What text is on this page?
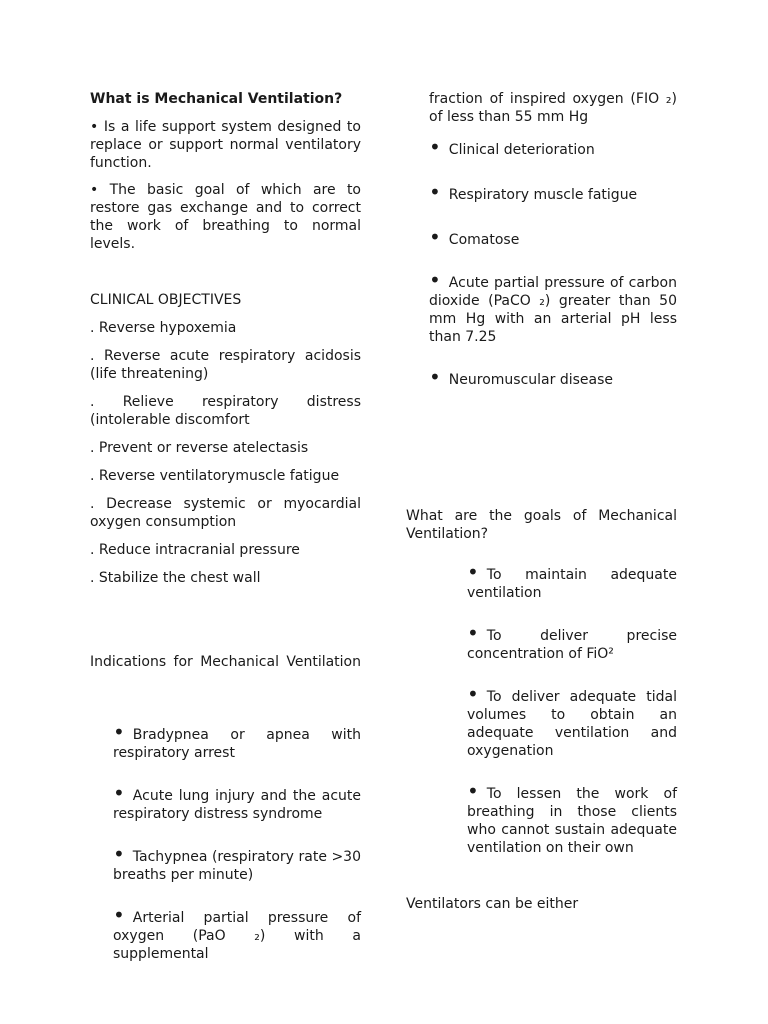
What is Mechanical Ventilation?

• Is a life support system designed to replace or support normal ventilatory function.

• The basic goal of which are to restore gas exchange and to correct the work of breathing to normal levels.

CLINICAL OBJECTIVES

. Reverse hypoxemia

. Reverse acute respiratory acidosis (life threatening)

. Relieve respiratory distress (intolerable discomfort

. Prevent or reverse atelectasis

. Reverse ventilatorymuscle fatigue

. Decrease systemic or myocardial oxygen consumption

. Reduce intracranial pressure

. Stabilize the chest wall

Indications for Mechanical Ventilation

• Bradypnea or apnea with respiratory arrest

• Acute lung injury and the acute respiratory distress syndrome

• Tachypnea (respiratory rate >30 breaths per minute)

• Arterial partial pressure of oxygen (PaO ₂) with a supplemental

fraction of inspired oxygen (FIO ₂) of less than 55 mm Hg

• Clinical deterioration

• Respiratory muscle fatigue

• Comatose

• Acute partial pressure of carbon dioxide (PaCO ₂) greater than 50 mm Hg with an arterial pH less than 7.25

• Neuromuscular disease

What are the goals of Mechanical Ventilation?

• To maintain adequate ventilation

• To deliver precise concentration of FiO²

• To deliver adequate tidal volumes to obtain an adequate ventilation and oxygenation

• To lessen the work of breathing in those clients who cannot sustain adequate ventilation on their own

Ventilators can be either
